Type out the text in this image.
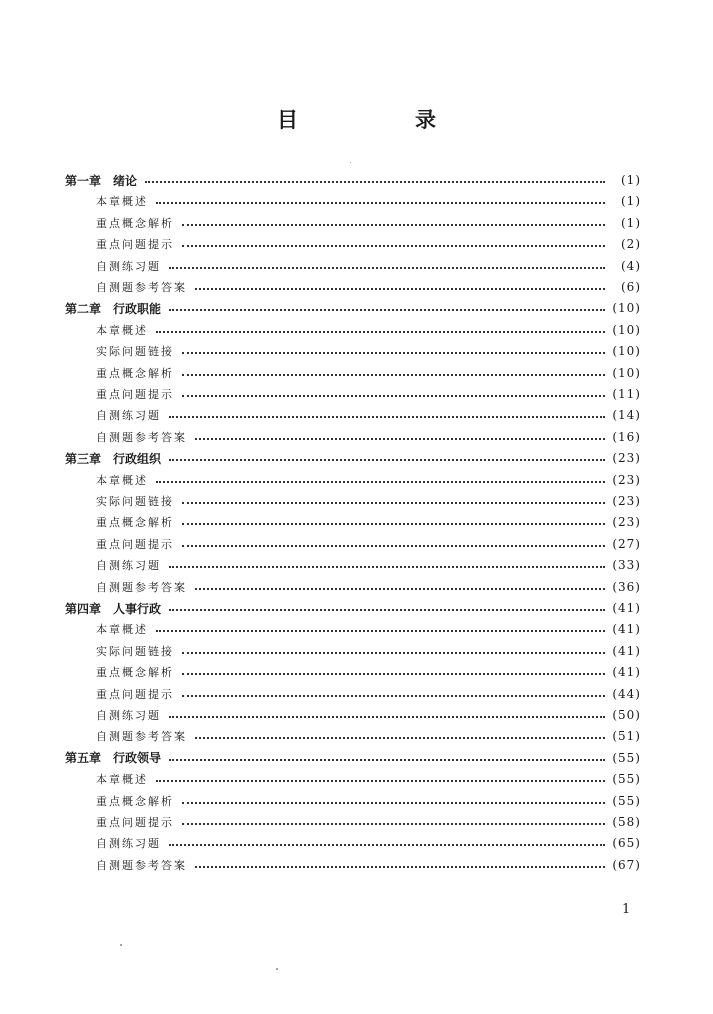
目　录
第一章 绪论	(1)
本章概述	(1)
重点概念解析	(1)
重点问题提示	(2)
自测练习题	(4)
自测题参考答案	(6)
第二章 行政职能	(10)
本章概述	(10)
实际问题链接	(10)
重点概念解析	(10)
重点问题提示	(11)
自测练习题	(14)
自测题参考答案	(16)
第三章 行政组织	(23)
本章概述	(23)
实际问题链接	(23)
重点概念解析	(23)
重点问题提示	(27)
自测练习题	(33)
自测题参考答案	(36)
第四章 人事行政	(41)
本章概述	(41)
实际问题链接	(41)
重点概念解析	(41)
重点问题提示	(44)
自测练习题	(50)
自测题参考答案	(51)
第五章 行政领导	(55)
本章概述	(55)
重点概念解析	(55)
重点问题提示	(58)
自测练习题	(65)
自测题参考答案	(67)
1
